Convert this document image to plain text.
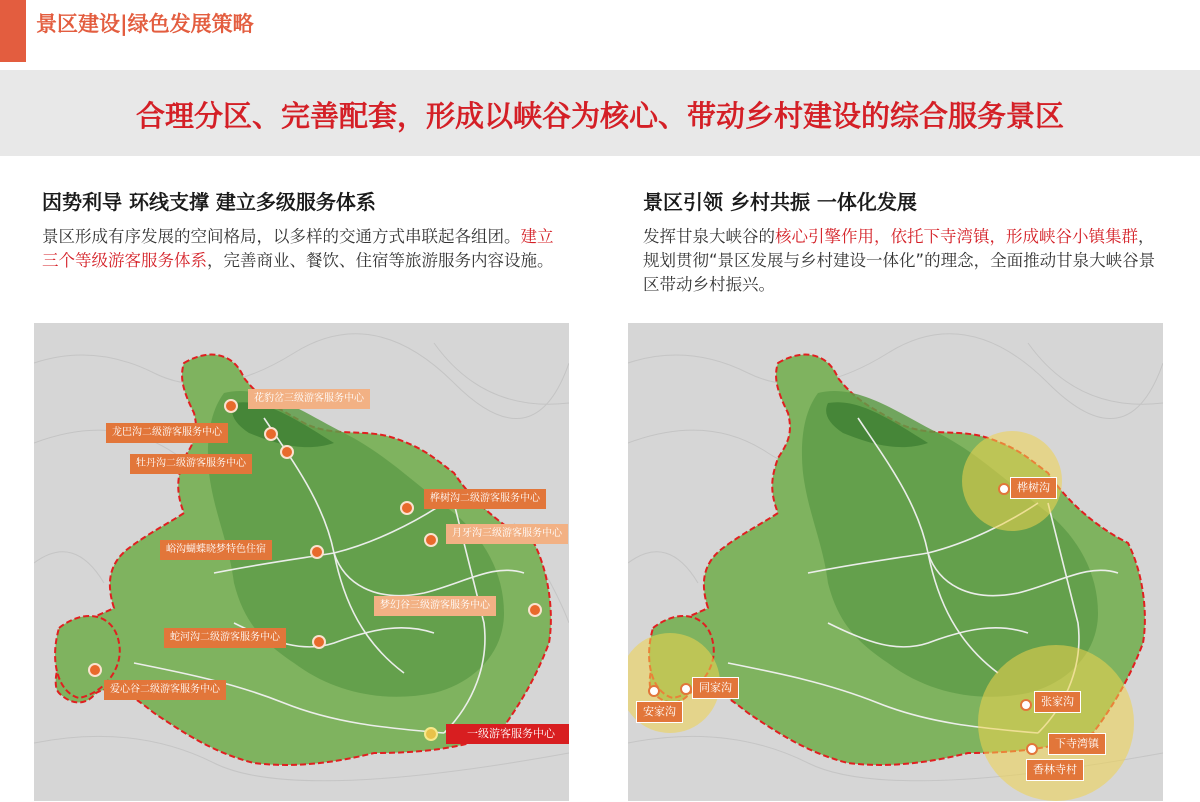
景区建设|绿色发展策略
合理分区、完善配套，形成以峡谷为核心、带动乡村建设的综合服务景区
因势利导 环线支撑 建立多级服务体系
景区形成有序发展的空间格局，以多样的交通方式串联起各组团。建立三个等级游客服务体系，完善商业、餐饮、住宿等旅游服务内容设施。
景区引领 乡村共振 一体化发展
发挥甘泉大峡谷的核心引擎作用，依托下寺湾镇，形成峡谷小镇集群，规划贯彻“景区发展与乡村建设一体化”的理念，全面推动甘泉大峡谷景区带动乡村振兴。
花豹岔三级游客服务中心
龙巴沟二级游客服务中心
牡丹沟二级游客服务中心
桦树沟二级游客服务中心
月牙沟三级游客服务中心
峪沟蝴蝶晓梦特色住宿
梦幻谷三级游客服务中心
蛇河沟二级游客服务中心
爱心谷二级游客服务中心
一级游客服务中心
桦树沟
同家沟
安家沟
张家沟
下寺湾镇
香林寺村
